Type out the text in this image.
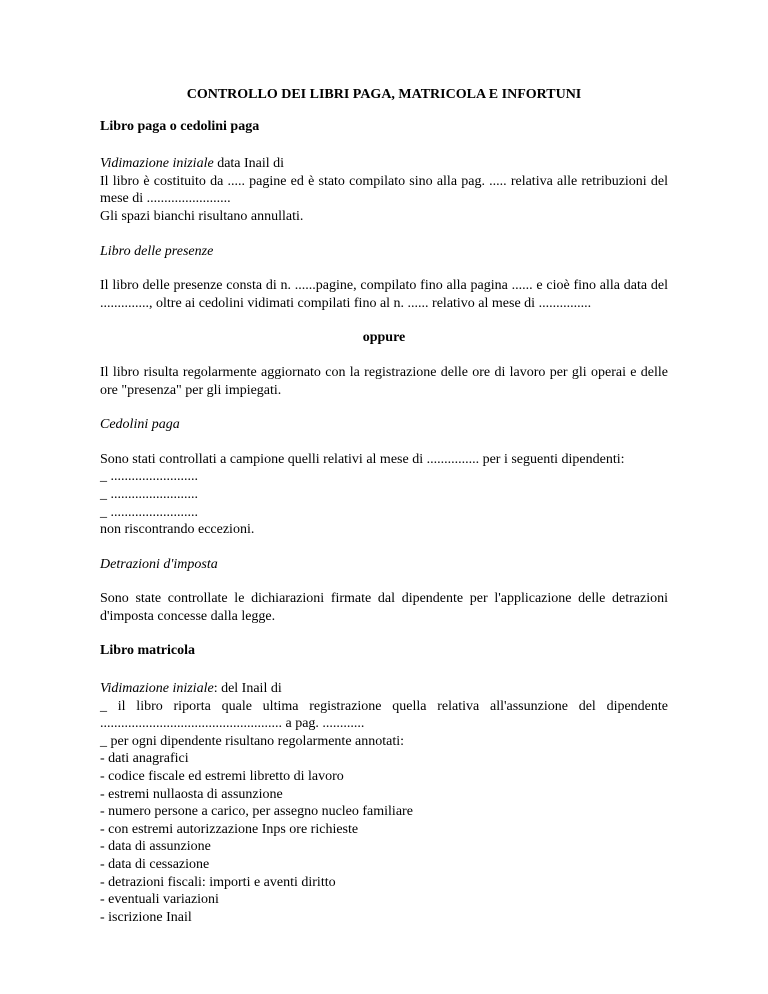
CONTROLLO DEI LIBRI PAGA, MATRICOLA E INFORTUNI
Libro paga o cedolini paga
Vidimazione iniziale data Inail di
Il libro è costituito da ..... pagine ed è stato compilato sino alla pag. ..... relativa alle retribuzioni del
mese di ........................
Gli spazi bianchi risultano annullati.
Libro delle presenze
Il libro delle presenze consta di n. ......pagine, compilato fino alla pagina ...... e cioè fino alla data del
.............., oltre ai cedolini vidimati compilati fino al n. ...... relativo al mese di ...............
oppure
Il libro risulta regolarmente aggiornato con la registrazione delle ore di lavoro per gli operai e delle
ore "presenza" per gli impiegati.
Cedolini paga
Sono stati controllati a campione quelli relativi al mese di ............... per i seguenti dipendenti:
_ .........................
_ .........................
_ .........................
non riscontrando eccezioni.
Detrazioni d'imposta
Sono state controllate le dichiarazioni firmate dal dipendente per l'applicazione delle detrazioni
d'imposta concesse dalla legge.
Libro matricola
Vidimazione iniziale: del Inail di
_ il libro riporta quale ultima registrazione quella relativa all'assunzione del dipendente
.................................................... a pag. ............
_ per ogni dipendente risultano regolarmente annotati:
- dati anagrafici
- codice fiscale ed estremi libretto di lavoro
- estremi nullaosta di assunzione
- numero persone a carico, per assegno nucleo familiare
- con estremi autorizzazione Inps ore richieste
- data di assunzione
- data di cessazione
- detrazioni fiscali: importi e aventi diritto
- eventuali variazioni
- iscrizione Inail
